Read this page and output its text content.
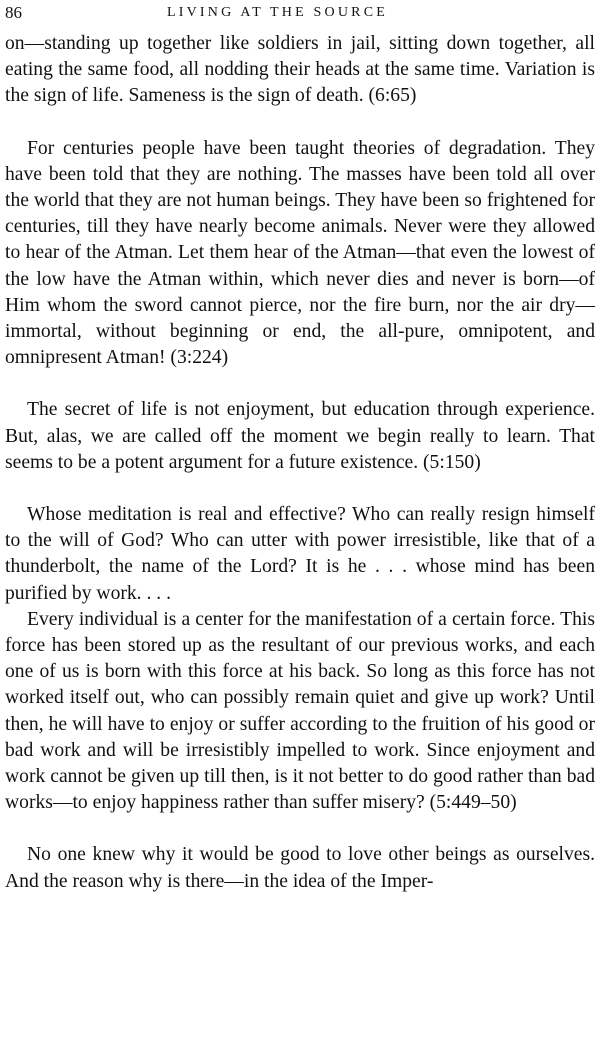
86	LIVING AT THE SOURCE

on—standing up together like soldiers in jail, sitting down together, all eating the same food, all nodding their heads at the same time. Variation is the sign of life. Sameness is the sign of death. (6:65)

For centuries people have been taught theories of degradation. They have been told that they are nothing. The masses have been told all over the world that they are not human beings. They have been so frightened for centuries, till they have nearly become animals. Never were they allowed to hear of the Atman. Let them hear of the Atman—that even the lowest of the low have the Atman within, which never dies and never is born—of Him whom the sword cannot pierce, nor the fire burn, nor the air dry—immortal, without beginning or end, the all-pure, omnipotent, and omnipresent Atman! (3:224)

The secret of life is not enjoyment, but education through experience. But, alas, we are called off the moment we begin really to learn. That seems to be a potent argument for a future existence. (5:150)

Whose meditation is real and effective? Who can really resign himself to the will of God? Who can utter with power irresistible, like that of a thunderbolt, the name of the Lord? It is he . . . whose mind has been purified by work. . . .

Every individual is a center for the manifestation of a certain force. This force has been stored up as the resultant of our previous works, and each one of us is born with this force at his back. So long as this force has not worked itself out, who can possibly remain quiet and give up work? Until then, he will have to enjoy or suffer according to the fruition of his good or bad work and will be irresistibly impelled to work. Since enjoyment and work cannot be given up till then, is it not better to do good rather than bad works—to enjoy happiness rather than suffer misery? (5:449–50)

No one knew why it would be good to love other beings as ourselves. And the reason why is there—in the idea of the Imper-
